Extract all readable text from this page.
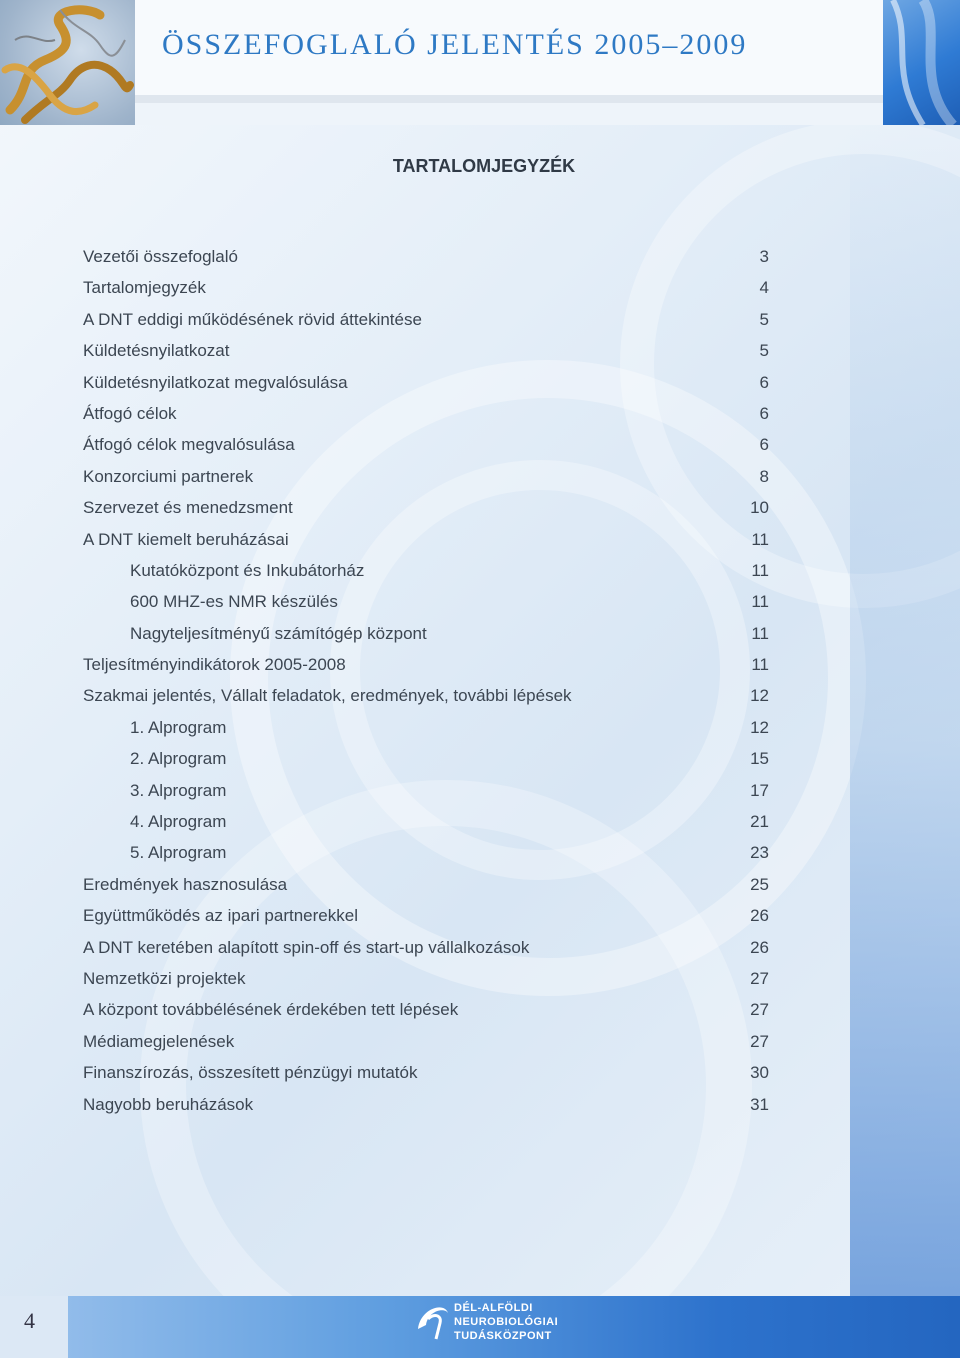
ÖSSZEFOGLALÓ JELENTÉS 2005–2009
TARTALOMJEGYZÉK
Vezetői összefoglaló	3
Tartalomjegyzék	4
A DNT eddigi működésének rövid áttekintése	5
Küldetésnyilatkozat	5
Küldetésnyilatkozat megvalósulása	6
Átfogó célok	6
Átfogó célok megvalósulása	6
Konzorciumi partnerek	8
Szervezet és menedzsment	10
A DNT kiemelt beruházásai	11
Kutatóközpont és Inkubátorház	11
600 MHZ-es NMR készülés	11
Nagyteljesítményű számítógép központ	11
Teljesítményindikátorok 2005-2008	11
Szakmai jelentés, Vállalt feladatok, eredmények, további lépések	12
1. Alprogram	12
2. Alprogram	15
3. Alprogram	17
4. Alprogram	21
5. Alprogram	23
Eredmények hasznosulása	25
Együttműködés az ipari partnerekkel	26
A DNT keretében alapított spin-off és start-up vállalkozások	26
Nemzetközi projektek	27
A központ továbbélésének érdekében tett lépések	27
Médiamegjelenések	27
Finanszírozás, összesített pénzügyi mutatók	30
Nagyobb beruházások	31
4	DÉL-ALFÖLDI
NEUROBIOLÓGIAI
TUDÁSKÖZPONT
